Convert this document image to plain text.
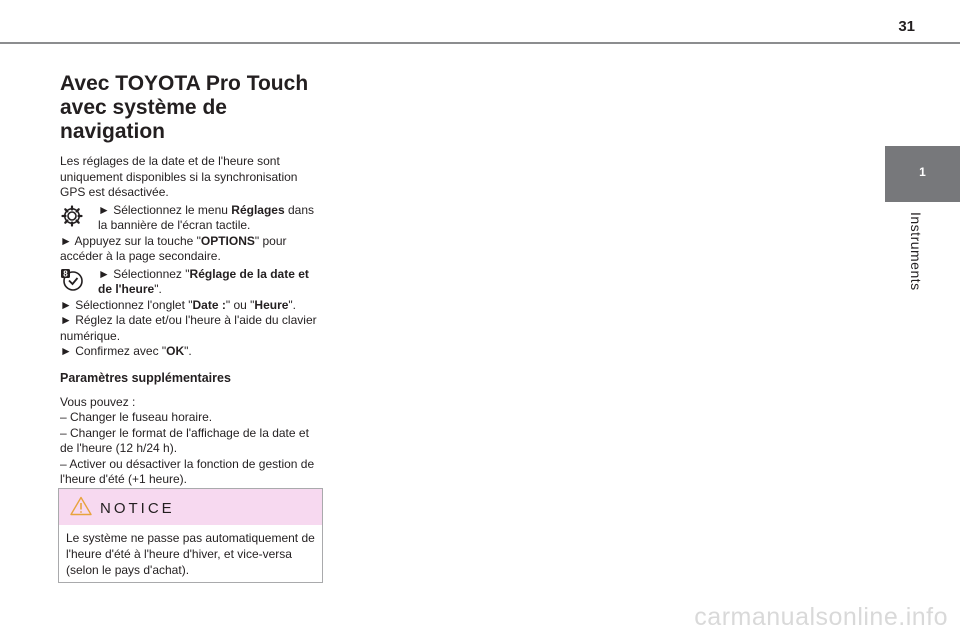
31
1
Instruments
Avec TOYOTA Pro Touch
avec système de navigation

Les réglages de la date et de l'heure sont uniquement disponibles si la synchronisation GPS est désactivée.

► Sélectionnez le menu Réglages dans la bannière de l'écran tactile.

► Appuyez sur la touche "OPTIONS" pour accéder à la page secondaire.

8	► Sélectionnez "Réglage de la date et de l'heure".

► Sélectionnez l'onglet "Date :" ou "Heure".

► Réglez la date et/ou l'heure à l'aide du clavier numérique.

► Confirmez avec "OK".

Paramètres supplémentaires

Vous pouvez :

– Changer le fuseau horaire.

– Changer le format de l'affichage de la date et de l'heure (12 h/24 h).

– Activer ou désactiver la fonction de gestion de l'heure d'été (+1 heure).

NOTICE
Le système ne passe pas automatiquement de l'heure d'été à l'heure d'hiver, et vice-versa (selon le pays d'achat).
carmanualsonline.info
